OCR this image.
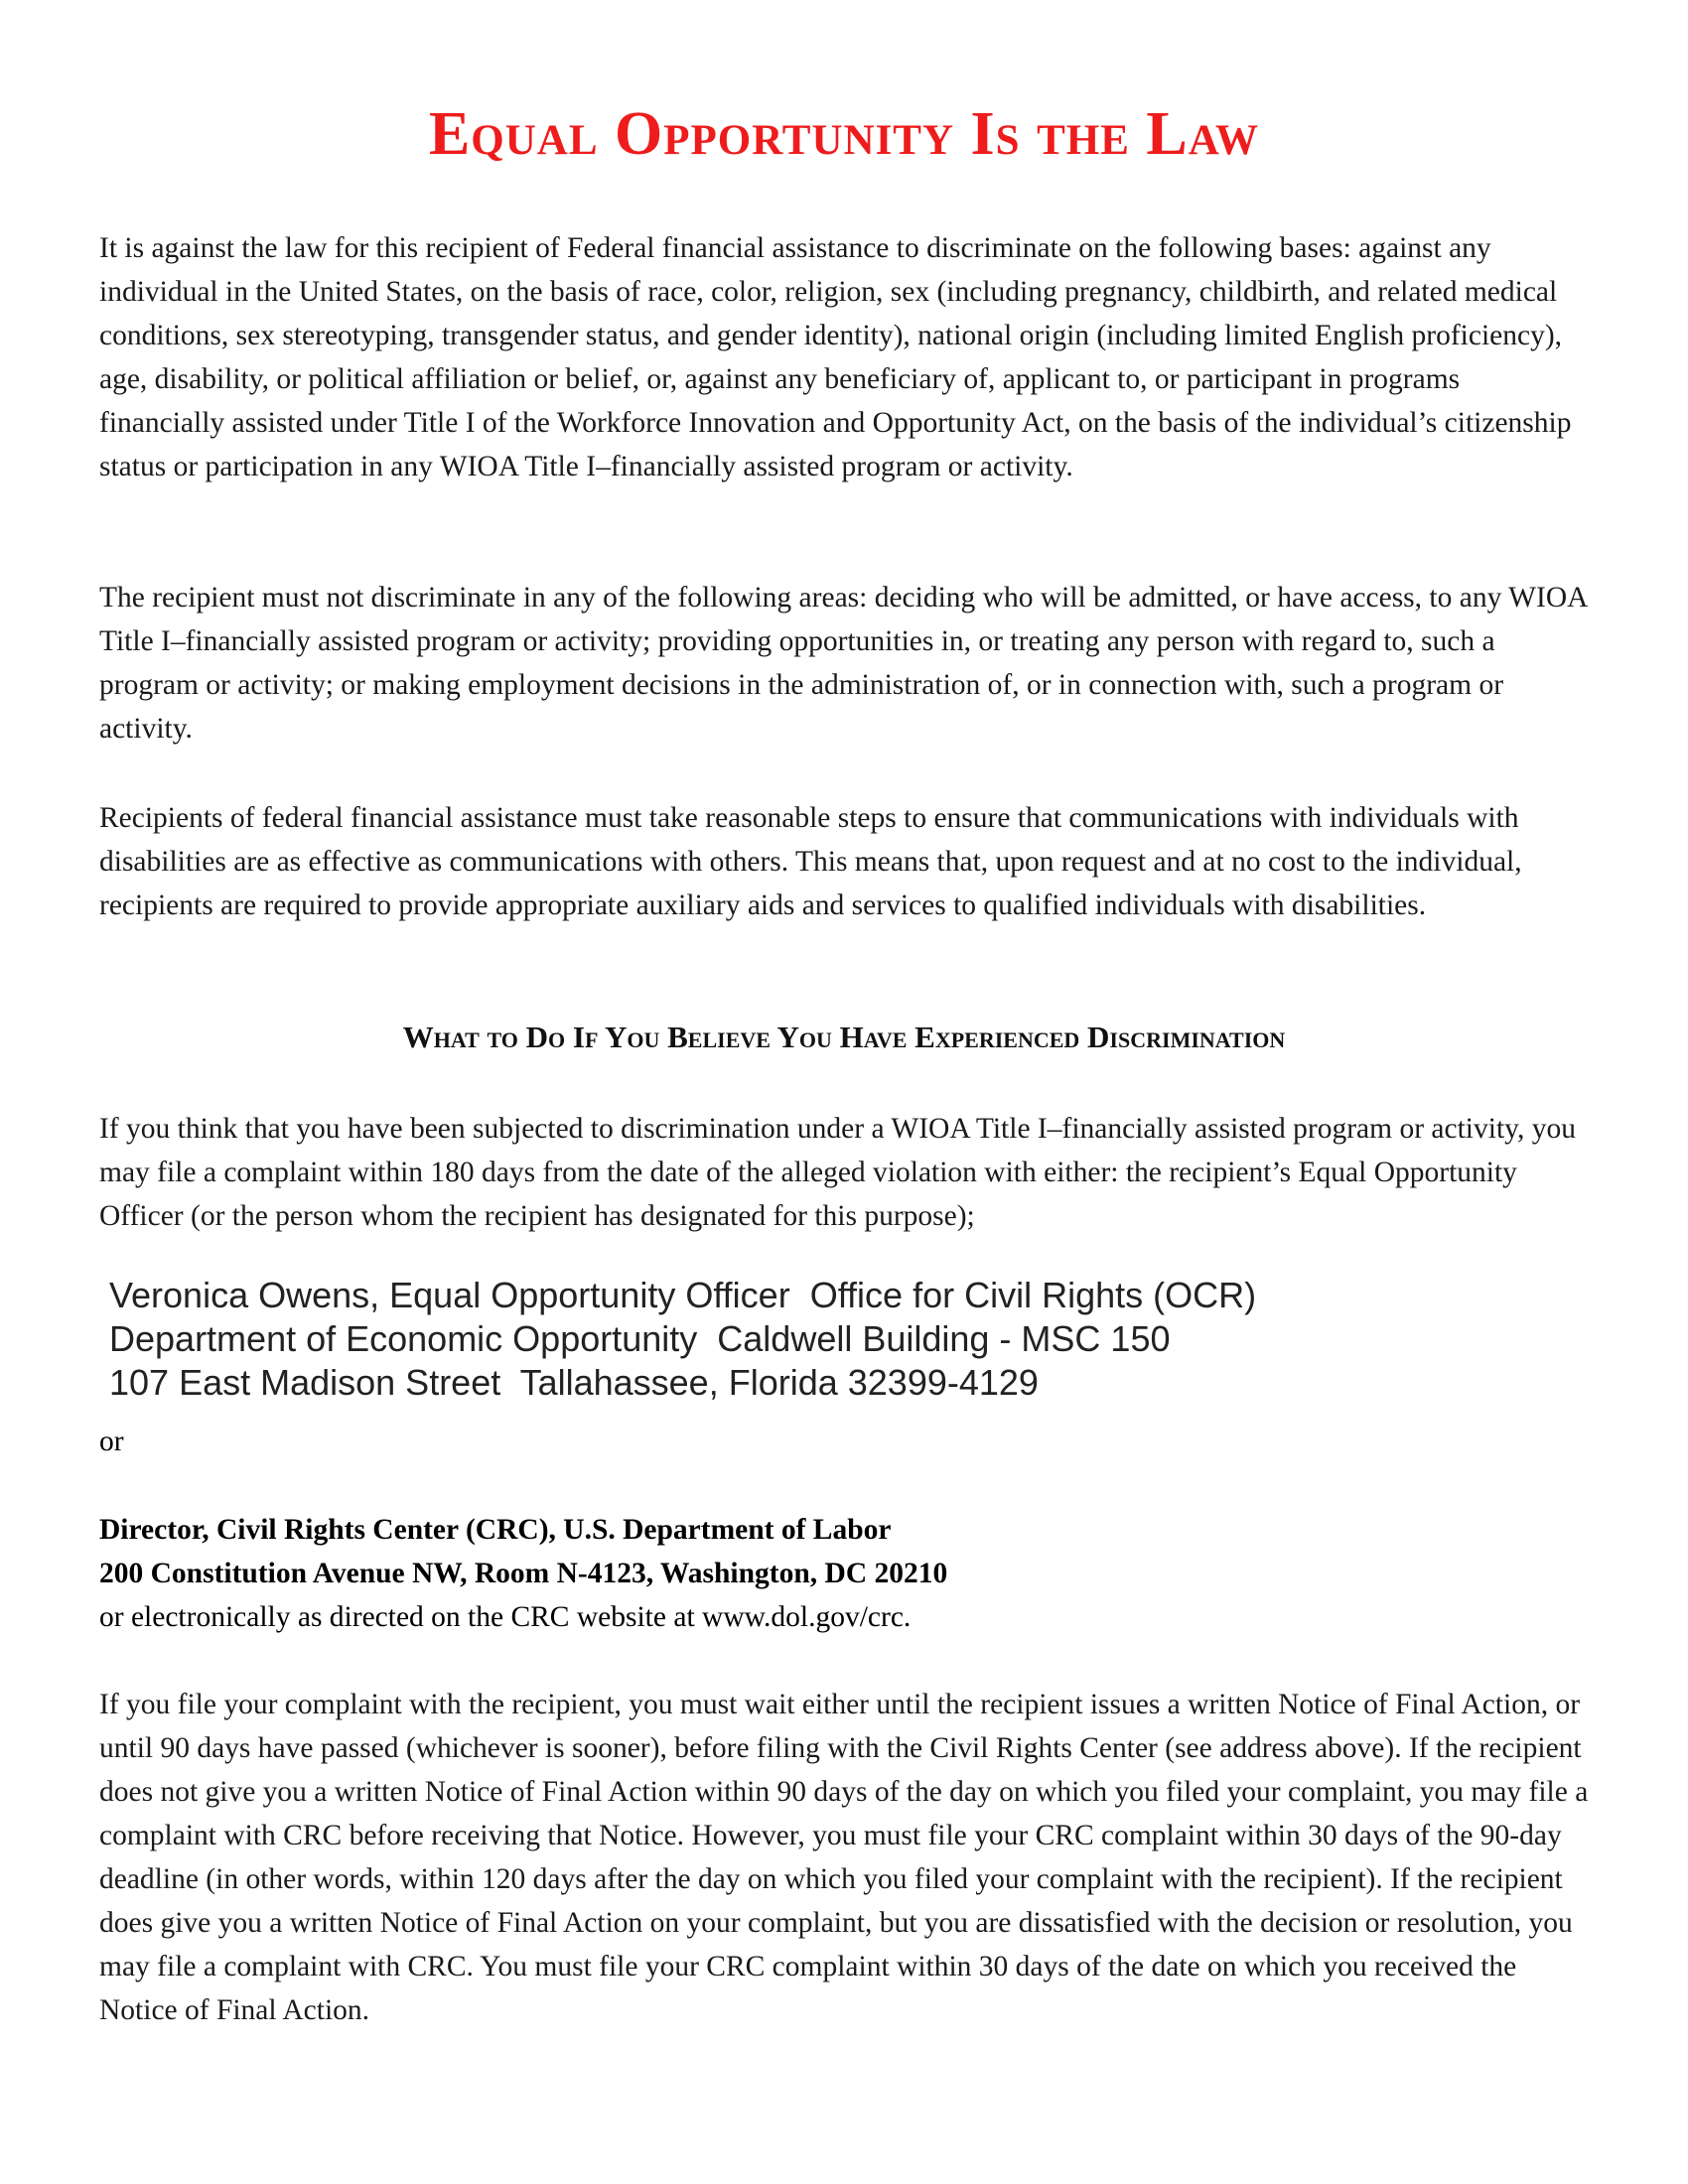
Equal Opportunity Is the Law

It is against the law for this recipient of Federal financial assistance to discriminate on the following bases: against any individual in the United States, on the basis of race, color, religion, sex (including pregnancy, childbirth, and related medical conditions, sex stereotyping, transgender status, and gender identity), national origin (including limited English proficiency), age, disability, or political affiliation or belief, or, against any beneficiary of, applicant to, or participant in programs financially assisted under Title I of the Workforce Innovation and Opportunity Act, on the basis of the individual’s citizenship status or participation in any WIOA Title I–financially assisted program or activity.

The recipient must not discriminate in any of the following areas: deciding who will be admitted, or have access, to any WIOA Title I–financially assisted program or activity; providing opportunities in, or treating any person with regard to, such a program or activity; or making employment decisions in the administration of, or in connection with, such a program or activity.

Recipients of federal financial assistance must take reasonable steps to ensure that communications with individuals with disabilities are as effective as communications with others. This means that, upon request and at no cost to the individual, recipients are required to provide appropriate auxiliary aids and services to qualified individuals with disabilities.

What to Do If You Believe You Have Experienced Discrimination

If you think that you have been subjected to discrimination under a WIOA Title I–financially assisted program or activity, you may file a complaint within 180 days from the date of the alleged violation with either: the recipient’s Equal Opportunity Officer (or the person whom the recipient has designated for this purpose);

Veronica Owens, Equal Opportunity Officer  Office for Civil Rights (OCR)
Department of Economic Opportunity  Caldwell Building - MSC 150
107 East Madison Street  Tallahassee, Florida 32399-4129

or

Director, Civil Rights Center (CRC), U.S. Department of Labor
200 Constitution Avenue NW, Room N-4123, Washington, DC 20210
or electronically as directed on the CRC website at www.dol.gov/crc.

If you file your complaint with the recipient, you must wait either until the recipient issues a written Notice of Final Action, or until 90 days have passed (whichever is sooner), before filing with the Civil Rights Center (see address above). If the recipient does not give you a written Notice of Final Action within 90 days of the day on which you filed your complaint, you may file a complaint with CRC before receiving that Notice. However, you must file your CRC complaint within 30 days of the 90-day deadline (in other words, within 120 days after the day on which you filed your complaint with the recipient). If the recipient does give you a written Notice of Final Action on your complaint, but you are dissatisfied with the decision or resolution, you may file a complaint with CRC. You must file your CRC complaint within 30 days of the date on which you received the Notice of Final Action.
